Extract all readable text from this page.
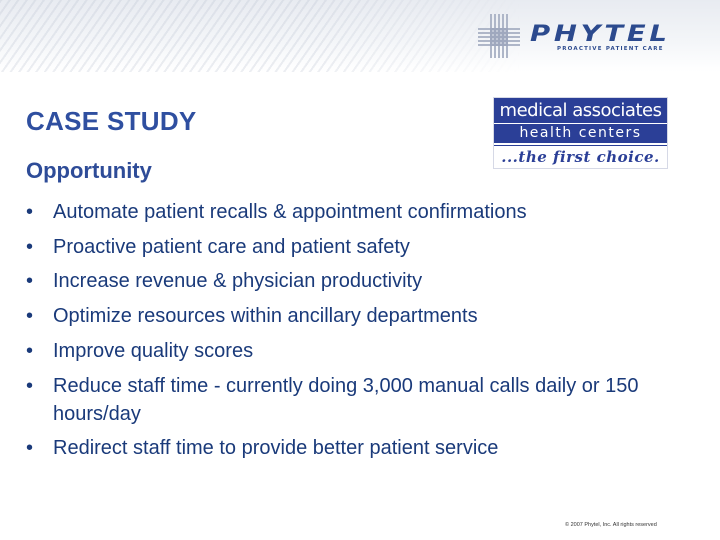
PHYTEL
PROACTIVE PATIENT CARE
CASE STUDY
Opportunity
medical associates
health centers
...the first choice.
• Automate patient recalls & appointment confirmations
• Proactive patient care and patient safety
• Increase revenue & physician productivity
• Optimize resources within ancillary departments
• Improve quality scores
• Reduce staff time - currently doing 3,000 manual calls daily or 150 hours/day
• Redirect staff time to provide better patient service
© 2007 Phytel, Inc. All rights reserved
